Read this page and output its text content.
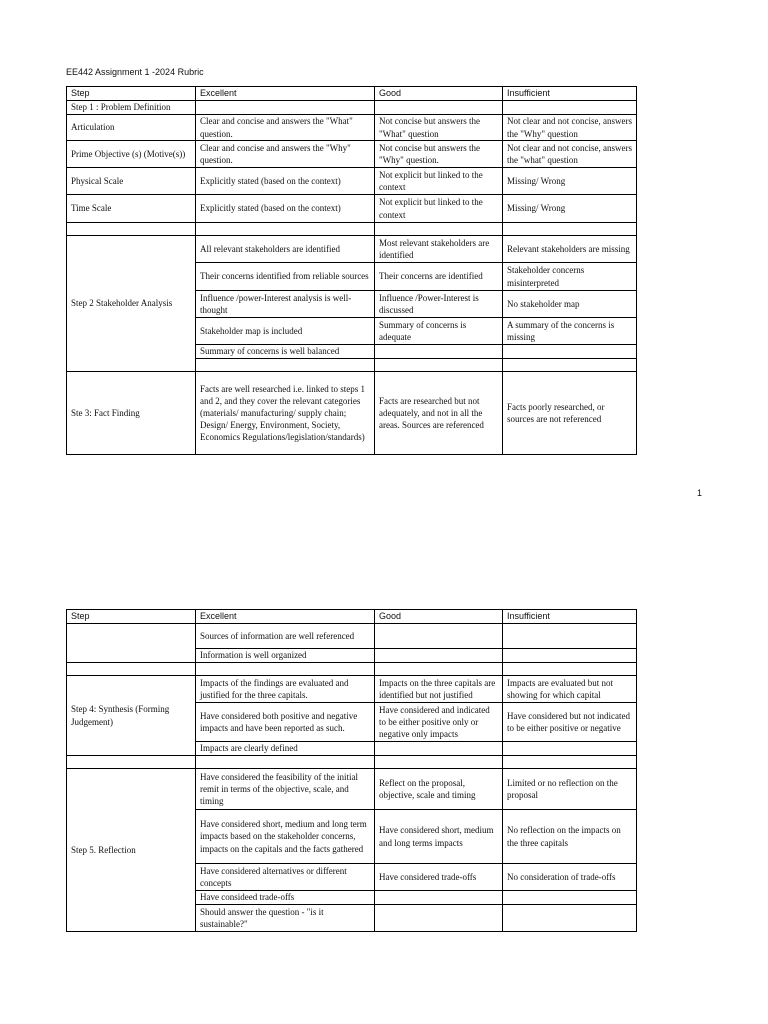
EE442 Assignment 1 -2024 Rubric
Step	Excellent	Good	Insufficient
Step 1 : Problem Definition			
Articulation	Clear and concise and answers the "What" question.	Not concise but answers the "What" question	Not clear and not concise, answers the "Why" question
Prime Objective (s) (Motive(s))	Clear and concise and answers the "Why" question.	Not concise but answers the "Why" question.	Not clear and not concise, answers the "what" question
Physical Scale	Explicitly stated (based on the context)	Not explicit but linked to the context	Missing/ Wrong
Time Scale	Explicitly stated (based on the context)	Not explicit but linked to the context	Missing/ Wrong

Step 2 Stakeholder Analysis	All relevant stakeholders are identified	Most relevant stakeholders are identified	Relevant stakeholders are missing
	Their concerns identified from reliable sources	Their concerns are identified	Stakeholder concerns misinterpreted
	Influence /power-Interest analysis is well-thought	Influence /Power-Interest is discussed	No stakeholder map
	Stakeholder map is included	Summary of concerns is adequate	A summary of the concerns is missing
	Summary of concerns is well balanced		

Ste 3: Fact Finding	Facts are well researched i.e. linked to steps 1 and 2, and they cover the relevant categories (materials/ manufacturing/ supply chain; Design/ Energy, Environment, Society, Economics Regulations/legislation/standards)	Facts are researched but not adequately, and not in all the areas. Sources are referenced	Facts poorly researched, or sources are not referenced
1
Step	Excellent	Good	Insufficient
	Sources of information are well referenced		
	Information is well organized		

Step 4: Synthesis (Forming Judgement)	Impacts of the findings are evaluated and justified for the three capitals.	Impacts on the three capitals are identified but not justified	Impacts are evaluated but not showing for which capital
	Have considered both positive and negative impacts and have been reported as such.	Have considered and indicated to be either positive only or negative only impacts	Have considered but not indicated to be either positive or negative
	Impacts are clearly defined		

Step 5. Reflection	Have considered the feasibility of the initial remit in terms of the objective, scale, and timing	Reflect on the proposal, objective, scale and timing	Limited or no reflection on the proposal
	Have considered short, medium and long term impacts based on the stakeholder concerns, impacts on the capitals and the facts gathered	Have considered short, medium and long terms impacts	No reflection on the impacts on the three capitals
	Have considered alternatives or different concepts	Have considered trade-offs	No consideration of trade-offs
	Have consideed trade-offs		
	Should answer the question - "is it sustainable?"		
